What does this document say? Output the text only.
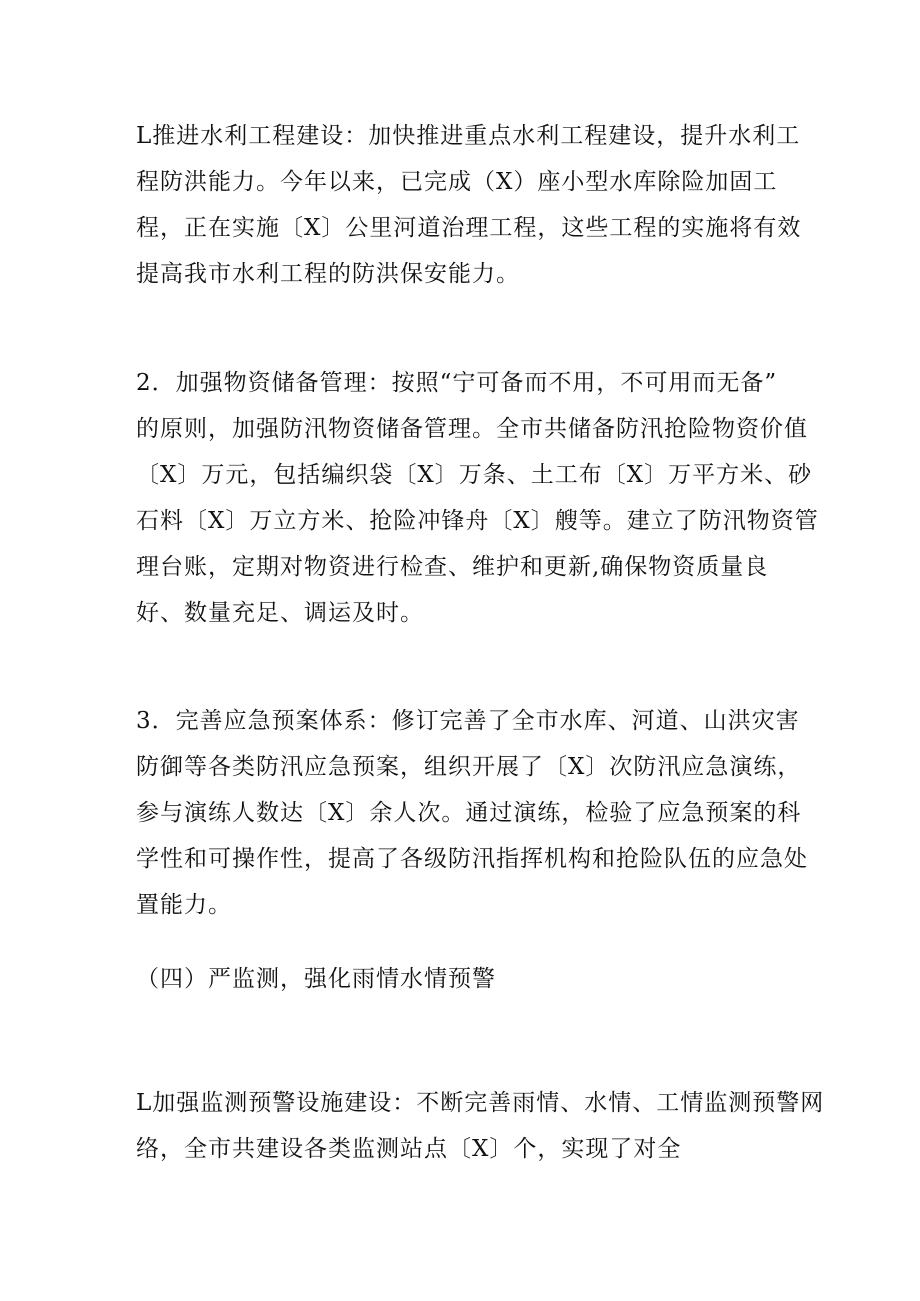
L推进水利工程建设：加快推进重点水利工程建设，提升水利工
程防洪能力。今年以来，已完成（X）座小型水库除险加固工
程，正在实施〔X〕公里河道治理工程，这些工程的实施将有效
提高我市水利工程的防洪保安能力。
2．加强物资储备管理：按照“宁可备而不用，不可用而无备”
的原则，加强防汛物资储备管理。全市共储备防汛抢险物资价值
〔X〕万元，包括编织袋〔X〕万条、土工布〔X〕万平方米、砂
石料〔X〕万立方米、抢险冲锋舟〔X〕艘等。建立了防汛物资管
理台账，定期对物资进行检查、维护和更新,确保物资质量良
好、数量充足、调运及时。
3．完善应急预案体系：修订完善了全市水库、河道、山洪灾害
防御等各类防汛应急预案，组织开展了〔X〕次防汛应急演练，
参与演练人数达〔X〕余人次。通过演练，检验了应急预案的科
学性和可操作性，提高了各级防汛指挥机构和抢险队伍的应急处
置能力。
（四）严监测，强化雨情水情预警
L加强监测预警设施建设：不断完善雨情、水情、工情监测预警网
络，全市共建设各类监测站点〔X〕个，实现了对全
